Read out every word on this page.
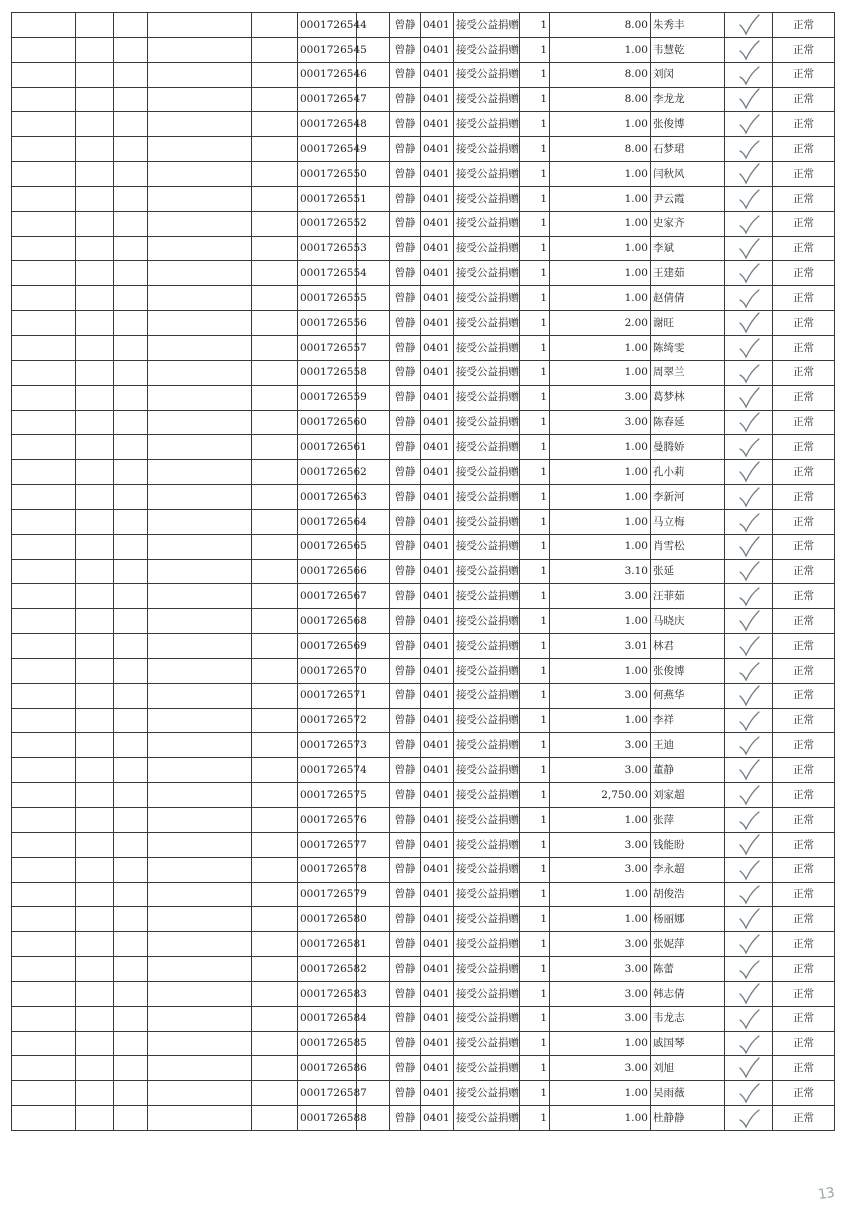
					0001726544		曾静	0401	接受公益捐赠	1	8.00	朱秀丰		正常
					0001726545		曾静	0401	接受公益捐赠	1	1.00	韦慧乾		正常
					0001726546		曾静	0401	接受公益捐赠	1	8.00	刘闵		正常
					0001726547		曾静	0401	接受公益捐赠	1	8.00	李龙龙		正常
					0001726548		曾静	0401	接受公益捐赠	1	1.00	张俊博		正常
					0001726549		曾静	0401	接受公益捐赠	1	8.00	石梦珺		正常
					0001726550		曾静	0401	接受公益捐赠	1	1.00	闫秋风		正常
					0001726551		曾静	0401	接受公益捐赠	1	1.00	尹云霞		正常
					0001726552		曾静	0401	接受公益捐赠	1	1.00	史家齐		正常
					0001726553		曾静	0401	接受公益捐赠	1	1.00	李斌		正常
					0001726554		曾静	0401	接受公益捐赠	1	1.00	王建茹		正常
					0001726555		曾静	0401	接受公益捐赠	1	1.00	赵倩倩		正常
					0001726556		曾静	0401	接受公益捐赠	1	2.00	谢旺		正常
					0001726557		曾静	0401	接受公益捐赠	1	1.00	陈绮雯		正常
					0001726558		曾静	0401	接受公益捐赠	1	1.00	周翠兰		正常
					0001726559		曾静	0401	接受公益捐赠	1	3.00	葛梦林		正常
					0001726560		曾静	0401	接受公益捐赠	1	3.00	陈春延		正常
					0001726561		曾静	0401	接受公益捐赠	1	1.00	曼腾娇		正常
					0001726562		曾静	0401	接受公益捐赠	1	1.00	孔小莉		正常
					0001726563		曾静	0401	接受公益捐赠	1	1.00	李新河		正常
					0001726564		曾静	0401	接受公益捐赠	1	1.00	马立梅		正常
					0001726565		曾静	0401	接受公益捐赠	1	1.00	肖雪松		正常
					0001726566		曾静	0401	接受公益捐赠	1	3.10	张延		正常
					0001726567		曾静	0401	接受公益捐赠	1	3.00	汪菲茹		正常
					0001726568		曾静	0401	接受公益捐赠	1	1.00	马晓庆		正常
					0001726569		曾静	0401	接受公益捐赠	1	3.01	林君		正常
					0001726570		曾静	0401	接受公益捐赠	1	1.00	张俊博		正常
					0001726571		曾静	0401	接受公益捐赠	1	3.00	何燕华		正常
					0001726572		曾静	0401	接受公益捐赠	1	1.00	李祥		正常
					0001726573		曾静	0401	接受公益捐赠	1	3.00	王迪		正常
					0001726574		曾静	0401	接受公益捐赠	1	3.00	董静		正常
					0001726575		曾静	0401	接受公益捐赠	1	2,750.00	刘家超		正常
					0001726576		曾静	0401	接受公益捐赠	1	1.00	张萍		正常
					0001726577		曾静	0401	接受公益捐赠	1	3.00	钱能盼		正常
					0001726578		曾静	0401	接受公益捐赠	1	3.00	李永超		正常
					0001726579		曾静	0401	接受公益捐赠	1	1.00	胡俊浩		正常
					0001726580		曾静	0401	接受公益捐赠	1	1.00	杨丽娜		正常
					0001726581		曾静	0401	接受公益捐赠	1	3.00	张妮萍		正常
					0001726582		曾静	0401	接受公益捐赠	1	3.00	陈蕾		正常
					0001726583		曾静	0401	接受公益捐赠	1	3.00	韩志倩		正常
					0001726584		曾静	0401	接受公益捐赠	1	3.00	韦龙志		正常
					0001726585		曾静	0401	接受公益捐赠	1	1.00	戚国琴		正常
					0001726586		曾静	0401	接受公益捐赠	1	3.00	刘旭		正常
					0001726587		曾静	0401	接受公益捐赠	1	1.00	吴雨薇		正常
					0001726588		曾静	0401	接受公益捐赠	1	1.00	杜静静		正常
13
